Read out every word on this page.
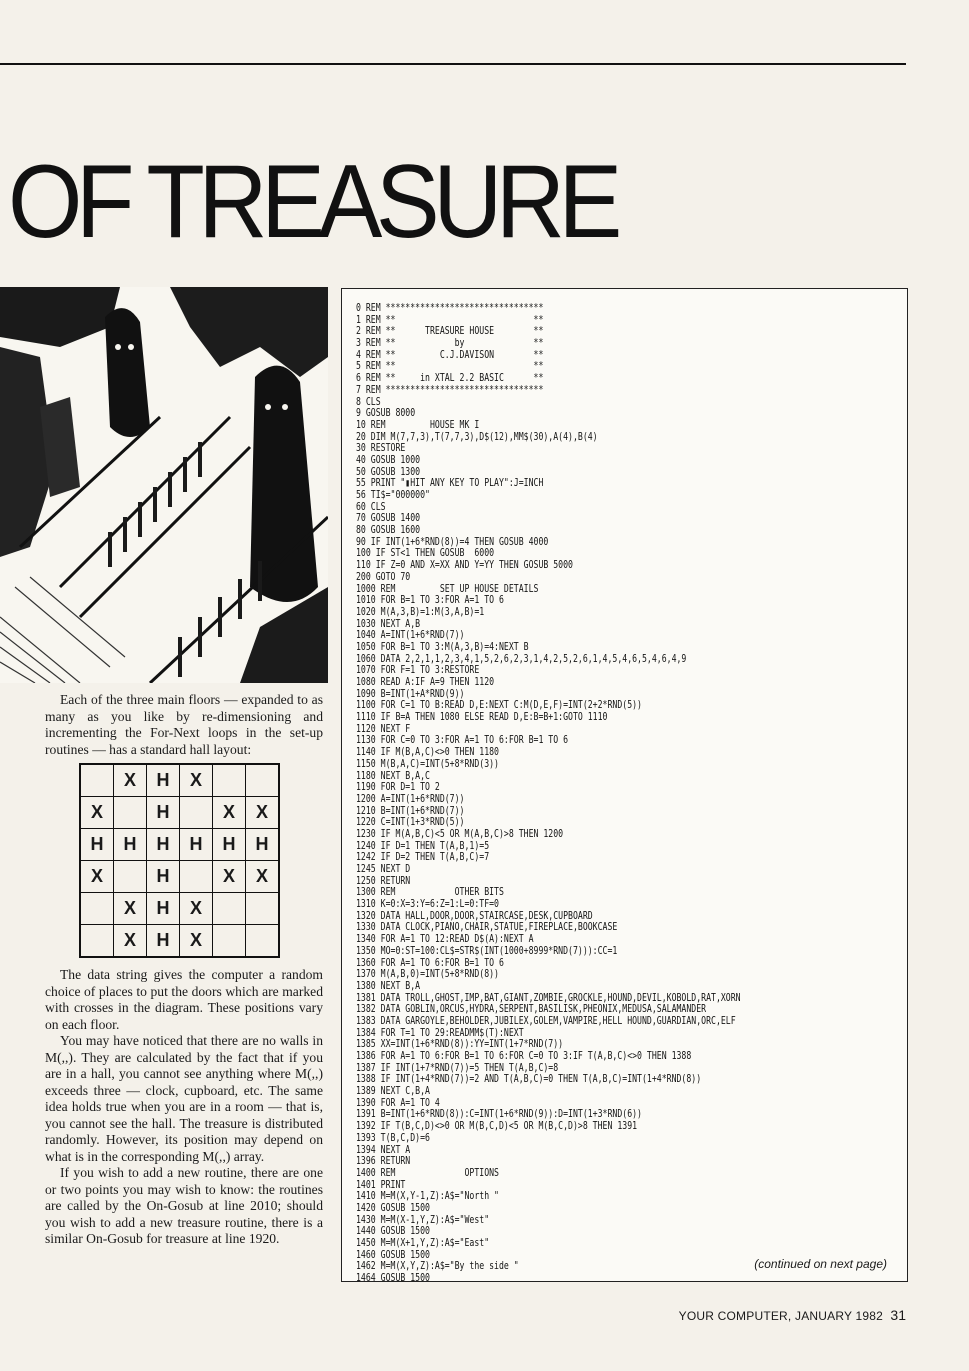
OF TREASURE

Each of the three main floors — expanded to as many as you like by re-dimensioning and incrementing the For-Next loops in the set-up routines — has a standard hall layout:

The data string gives the computer a random choice of places to put the doors which are marked with crosses in the diagram. These positions vary on each floor.

You may have noticed that there are no walls in M(,,). They are calculated by the fact that if you are in a hall, you cannot see anything where M(,,) exceeds three — clock, cupboard, etc. The same idea holds true when you are in a room — that is, you cannot see the hall. The treasure is distributed randomly. However, its position may depend on what is in the corresponding M(,,) array.

If you wish to add a new routine, there are one or two points you may wish to know: the routines are called by the On-Gosub at line 2010; should you wish to add a new treasure routine, there is a similar On-Gosub for treasure at line 1920.

	X	H	X		
X		H		X	X
H	H	H	H	H	H
X		H		X	X
	X	H	X		
	X	H	X		
0 REM ********************************
1 REM **                            **
2 REM **      TREASURE HOUSE        **
3 REM **            by              **
4 REM **         C.J.DAVISON        **
5 REM **                            **
6 REM **     in XTAL 2.2 BASIC      **
7 REM ********************************
8 CLS
9 GOSUB 8000
10 REM         HOUSE MK I
20 DIM M(7,7,3),T(7,7,3),D$(12),MM$(30),A(4),B(4)
30 RESTORE
40 GOSUB 1000
50 GOSUB 1300
55 PRINT "▮HIT ANY KEY TO PLAY":J=INCH
56 TI$="000000"
60 CLS
70 GOSUB 1400
80 GOSUB 1600
90 IF INT(1+6*RND(8))=4 THEN GOSUB 4000
100 IF ST<1 THEN GOSUB  6000
110 IF Z=0 AND X=XX AND Y=YY THEN GOSUB 5000
200 GOTO 70
1000 REM         SET UP HOUSE DETAILS
1010 FOR B=1 TO 3:FOR A=1 TO 6
1020 M(A,3,B)=1:M(3,A,B)=1
1030 NEXT A,B
1040 A=INT(1+6*RND(7))
1050 FOR B=1 TO 3:M(A,3,B)=4:NEXT B
1060 DATA 2,2,1,1,2,3,4,1,5,2,6,2,3,1,4,2,5,2,6,1,4,5,4,6,5,4,6,4,9
1070 FOR F=1 TO 3:RESTORE
1080 READ A:IF A=9 THEN 1120
1090 B=INT(1+A*RND(9))
1100 FOR C=1 TO B:READ D,E:NEXT C:M(D,E,F)=INT(2+2*RND(5))
1110 IF B=A THEN 1080 ELSE READ D,E:B=B+1:GOTO 1110
1120 NEXT F
1130 FOR C=0 TO 3:FOR A=1 TO 6:FOR B=1 TO 6
1140 IF M(B,A,C)<>0 THEN 1180
1150 M(B,A,C)=INT(5+8*RND(3))
1180 NEXT B,A,C
1190 FOR D=1 TO 2
1200 A=INT(1+6*RND(7))
1210 B=INT(1+6*RND(7))
1220 C=INT(1+3*RND(5))
1230 IF M(A,B,C)<5 OR M(A,B,C)>8 THEN 1200
1240 IF D=1 THEN T(A,B,1)=5
1242 IF D=2 THEN T(A,B,C)=7
1245 NEXT D
1250 RETURN
1300 REM            OTHER BITS
1310 K=0:X=3:Y=6:Z=1:L=0:TF=0
1320 DATA HALL,DOOR,DOOR,STAIRCASE,DESK,CUPBOARD
1330 DATA CLOCK,PIANO,CHAIR,STATUE,FIREPLACE,BOOKCASE
1340 FOR A=1 TO 12:READ D$(A):NEXT A
1350 MO=0:ST=100:CL$=STR$(INT(1000+8999*RND(7))):CC=1
1360 FOR A=1 TO 6:FOR B=1 TO 6
1370 M(A,B,0)=INT(5+8*RND(8))
1380 NEXT B,A
1381 DATA TROLL,GHOST,IMP,BAT,GIANT,ZOMBIE,GROCKLE,HOUND,DEVIL,KOBOLD,RAT,XORN
1382 DATA GOBLIN,ORCUS,HYDRA,SERPENT,BASILISK,PHEONIX,MEDUSA,SALAMANDER
1383 DATA GARGOYLE,BEHOLDER,JUBILEX,GOLEM,VAMPIRE,HELL HOUND,GUARDIAN,ORC,ELF
1384 FOR T=1 TO 29:READMM$(T):NEXT
1385 XX=INT(1+6*RND(8)):YY=INT(1+7*RND(7))
1386 FOR A=1 TO 6:FOR B=1 TO 6:FOR C=0 TO 3:IF T(A,B,C)<>0 THEN 1388
1387 IF INT(1+7*RND(7))=5 THEN T(A,B,C)=8
1388 IF INT(1+4*RND(7))=2 AND T(A,B,C)=0 THEN T(A,B,C)=INT(1+4*RND(8))
1389 NEXT C,B,A
1390 FOR A=1 TO 4
1391 B=INT(1+6*RND(8)):C=INT(1+6*RND(9)):D=INT(1+3*RND(6))
1392 IF T(B,C,D)<>0 OR M(B,C,D)<5 OR M(B,C,D)>8 THEN 1391
1393 T(B,C,D)=6
1394 NEXT A
1396 RETURN
1400 REM              OPTIONS
1401 PRINT
1410 M=M(X,Y-1,Z):A$="North "
1420 GOSUB 1500
1430 M=M(X-1,Y,Z):A$="West"
1440 GOSUB 1500
1450 M=M(X+1,Y,Z):A$="East"
1460 GOSUB 1500
1462 M=M(X,Y,Z):A$="By the side "
1464 GOSUB 1500

(continued on next page)
YOUR COMPUTER, JANUARY 1982 31
